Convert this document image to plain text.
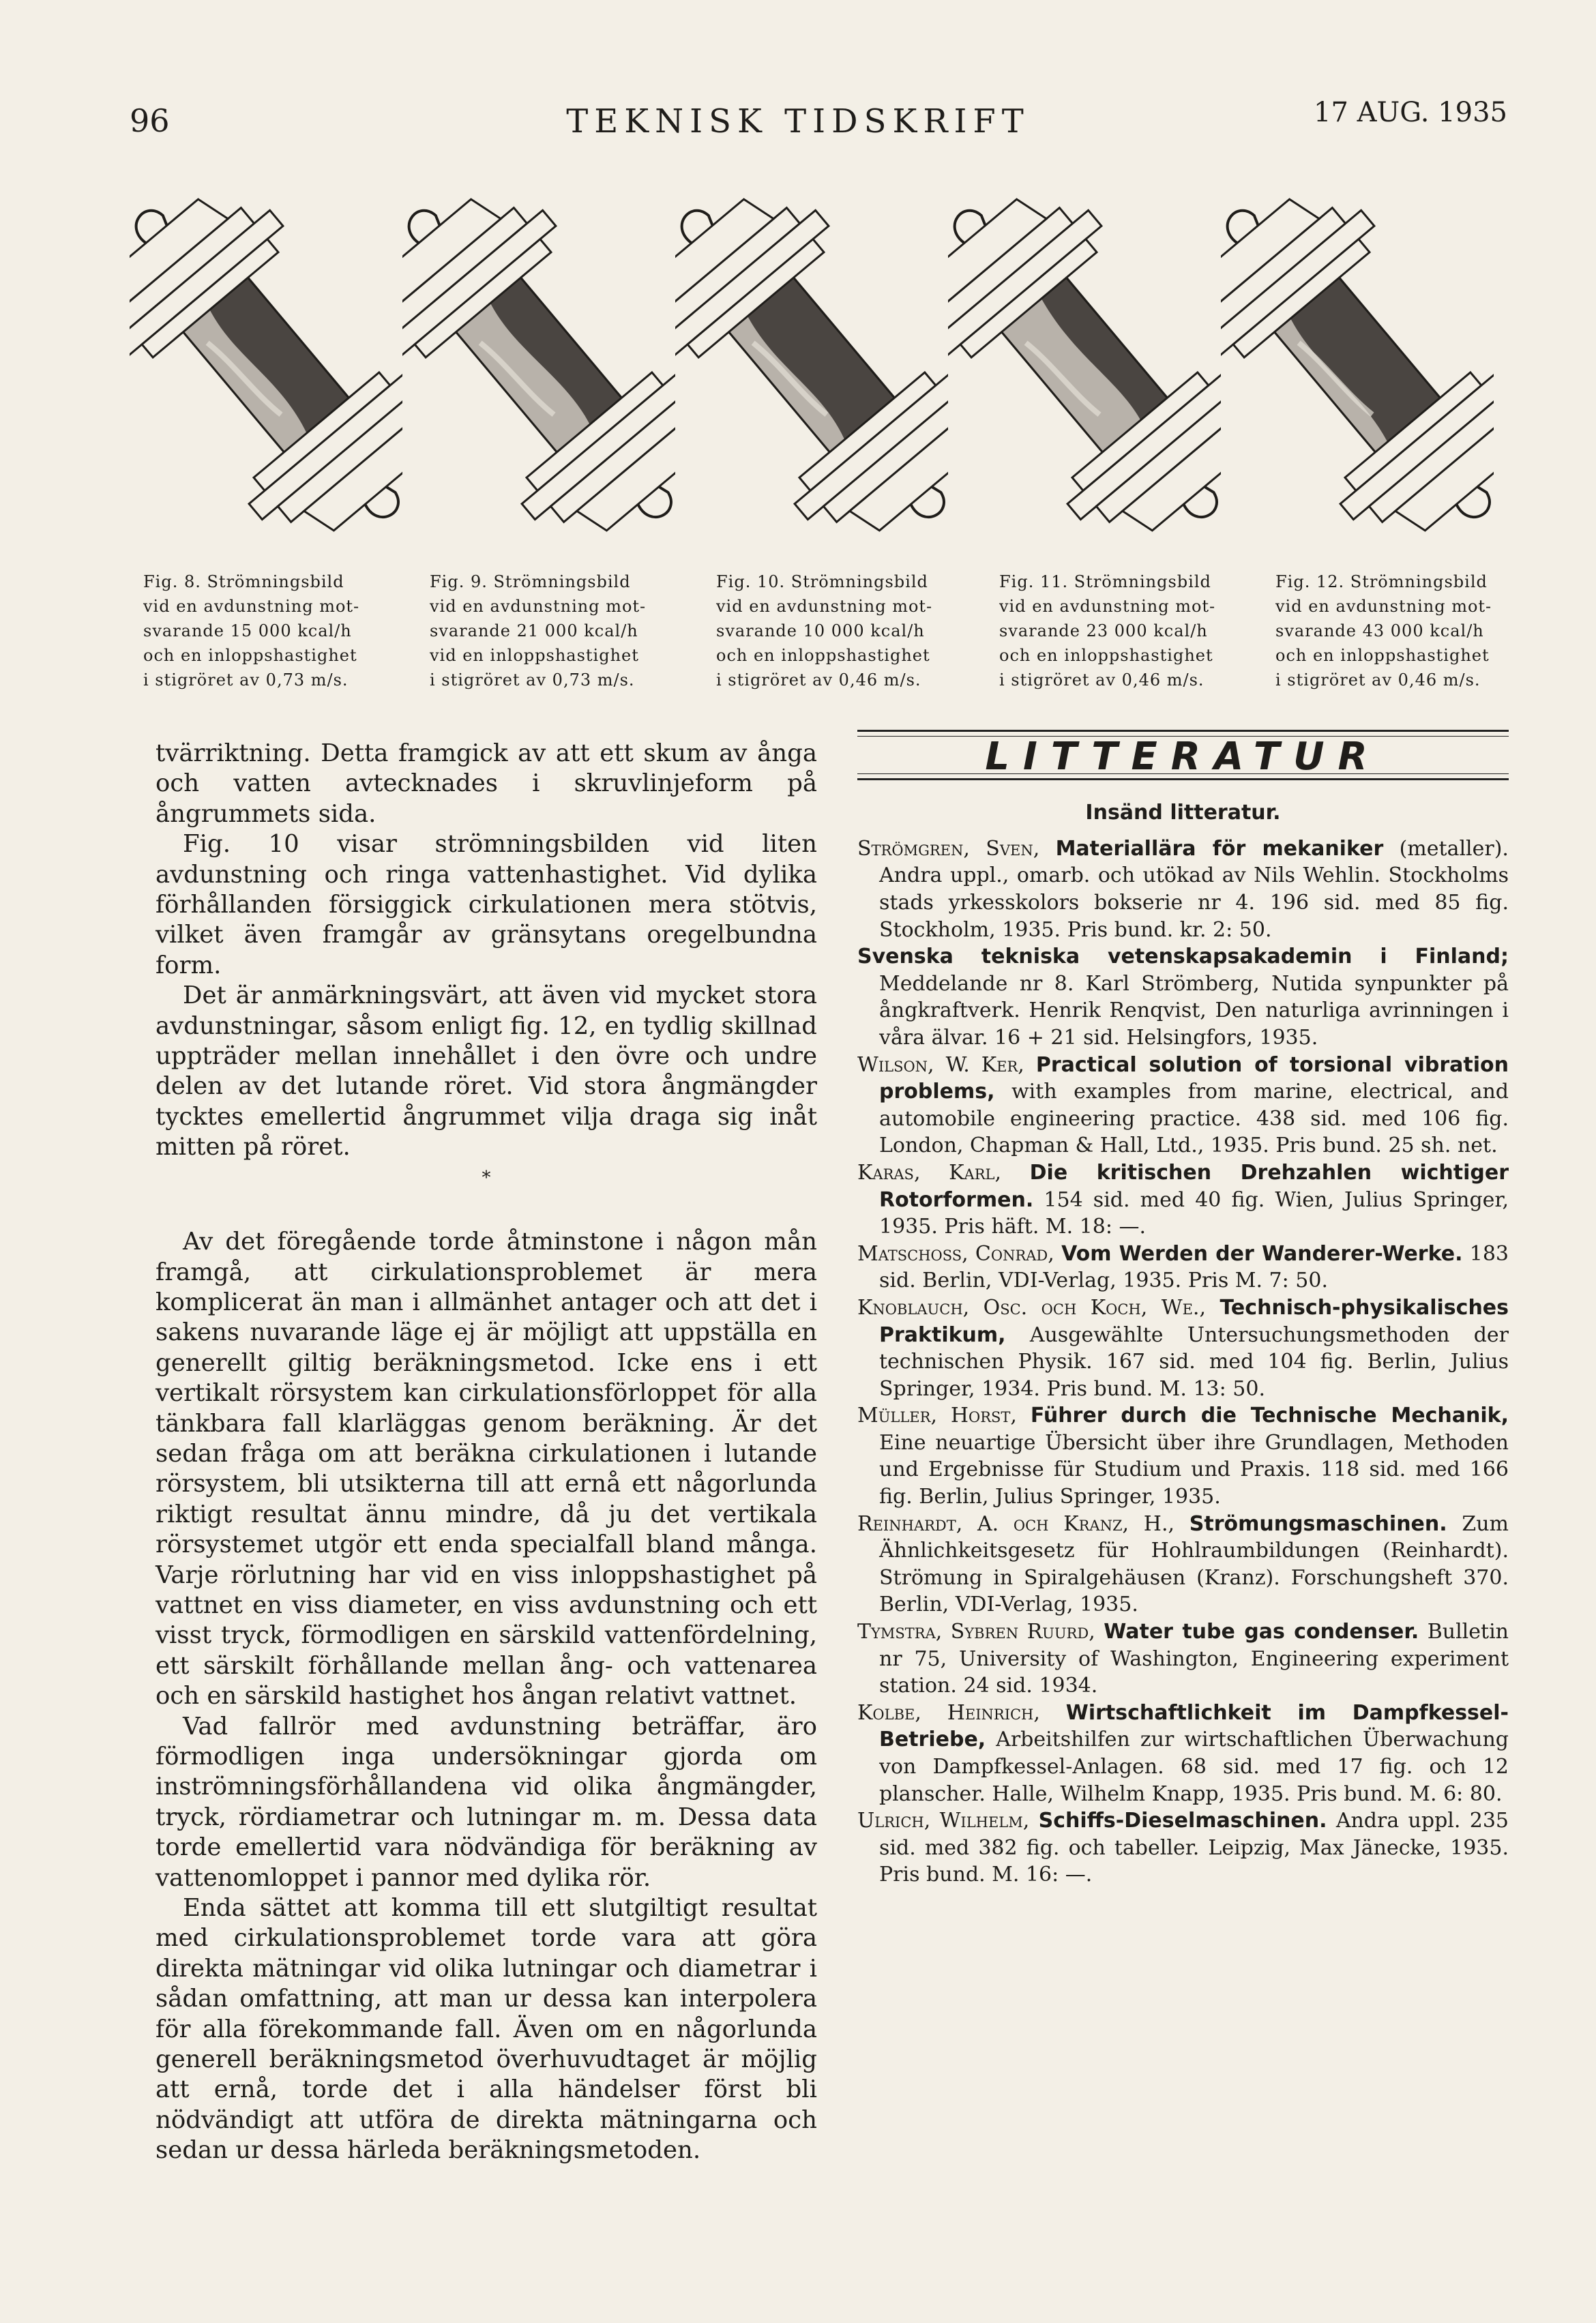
96	TEKNISK TIDSKRIFT	17 AUG. 1935
Fig. 8. Strömningsbild
vid en avdunstning mot-
svarande 15 000 kcal/h
och en inloppshastighet
i stigröret av 0,73 m/s.
Fig. 9. Strömningsbild
vid en avdunstning mot-
svarande 21 000 kcal/h
vid en inloppshastighet
i stigröret av 0,73 m/s.
Fig. 10. Strömningsbild
vid en avdunstning mot-
svarande 10 000 kcal/h
och en inloppshastighet
i stigröret av 0,46 m/s.
Fig. 11. Strömningsbild
vid en avdunstning mot-
svarande 23 000 kcal/h
och en inloppshastighet
i stigröret av 0,46 m/s.
Fig. 12. Strömningsbild
vid en avdunstning mot-
svarande 43 000 kcal/h
och en inloppshastighet
i stigröret av 0,46 m/s.

tvärriktning. Detta framgick av att ett skum av ånga och vatten avtecknades i skruvlinjeform på ångrummets sida.

Fig. 10 visar strömningsbilden vid liten avdunstning och ringa vattenhastighet. Vid dylika förhållanden försiggick cirkulationen mera stötvis, vilket även framgår av gränsytans oregelbundna form.

Det är anmärkningsvärt, att även vid mycket stora avdunstningar, såsom enligt fig. 12, en tydlig skillnad uppträder mellan innehållet i den övre och undre delen av det lutande röret. Vid stora ångmängder tycktes emellertid ångrummet vilja draga sig inåt mitten på röret.

*

Av det föregående torde åtminstone i någon mån framgå, att cirkulationsproblemet är mera komplicerat än man i allmänhet antager och att det i sakens nuvarande läge ej är möjligt att uppställa en generellt giltig beräkningsmetod. Icke ens i ett vertikalt rörsystem kan cirkulationsförloppet för alla tänkbara fall klarläggas genom beräkning. Är det sedan fråga om att beräkna cirkulationen i lutande rörsystem, bli utsikterna till att ernå ett någorlunda riktigt resultat ännu mindre, då ju det vertikala rörsystemet utgör ett enda specialfall bland många. Varje rörlutning har vid en viss inloppshastighet på vattnet en viss diameter, en viss avdunstning och ett visst tryck, förmodligen en särskild vattenfördelning, ett särskilt förhållande mellan ång- och vattenarea och en särskild hastighet hos ångan relativt vattnet.

Vad fallrör med avdunstning beträffar, äro förmodligen inga undersökningar gjorda om inströmningsförhållandena vid olika ångmängder, tryck, rördiametrar och lutningar m. m. Dessa data torde emellertid vara nödvändiga för beräkning av vattenomloppet i pannor med dylika rör.

Enda sättet att komma till ett slutgiltigt resultat med cirkulationsproblemet torde vara att göra direkta mätningar vid olika lutningar och diametrar i sådan omfattning, att man ur dessa kan interpolera för alla förekommande fall. Även om en någorlunda generell beräkningsmetod överhuvudtaget är möjlig att ernå, torde det i alla händelser först bli nödvändigt att utföra de direkta mätningarna och sedan ur dessa härleda beräkningsmetoden.

LITTERATUR
Insänd litteratur.

Strömgren, Sven, Materiallära för mekaniker (metaller). Andra uppl., omarb. och utökad av Nils Wehlin. Stockholms stads yrkesskolors bokserie nr 4. 196 sid. med 85 fig. Stockholm, 1935. Pris bund. kr. 2: 50.

Svenska tekniska vetenskapsakademin i Finland; Meddelande nr 8. Karl Strömberg, Nutida synpunkter på ångkraftverk. Henrik Renqvist, Den naturliga avrinningen i våra älvar. 16 + 21 sid. Helsingfors, 1935.

Wilson, W. Ker, Practical solution of torsional vibration problems, with examples from marine, electrical, and automobile engineering practice. 438 sid. med 106 fig. London, Chapman & Hall, Ltd., 1935. Pris bund. 25 sh. net.

Karas, Karl, Die kritischen Drehzahlen wichtiger Rotorformen. 154 sid. med 40 fig. Wien, Julius Springer, 1935. Pris häft. M. 18: —.

Matschoss, Conrad, Vom Werden der Wanderer-Werke. 183 sid. Berlin, VDI-Verlag, 1935. Pris M. 7: 50.

Knoblauch, Osc. och Koch, We., Technisch-physikalisches Praktikum, Ausgewählte Untersuchungsmethoden der technischen Physik. 167 sid. med 104 fig. Berlin, Julius Springer, 1934. Pris bund. M. 13: 50.

Müller, Horst, Führer durch die Technische Mechanik, Eine neuartige Übersicht über ihre Grundlagen, Methoden und Ergebnisse für Studium und Praxis. 118 sid. med 166 fig. Berlin, Julius Springer, 1935.

Reinhardt, A. och Kranz, H., Strömungsmaschinen. Zum Ähnlichkeitsgesetz für Hohlraumbildungen (Reinhardt). Strömung in Spiralgehäusen (Kranz). Forschungsheft 370. Berlin, VDI-Verlag, 1935.

Tymstra, Sybren Ruurd, Water tube gas condenser. Bulletin nr 75, University of Washington, Engineering experiment station. 24 sid. 1934.

Kolbe, Heinrich, Wirtschaftlichkeit im Dampfkessel-Betriebe, Arbeitshilfen zur wirtschaftlichen Überwachung von Dampfkessel-Anlagen. 68 sid. med 17 fig. och 12 planscher. Halle, Wilhelm Knapp, 1935. Pris bund. M. 6: 80.

Ulrich, Wilhelm, Schiffs-Dieselmaschinen. Andra uppl. 235 sid. med 382 fig. och tabeller. Leipzig, Max Jänecke, 1935. Pris bund. M. 16: —.
